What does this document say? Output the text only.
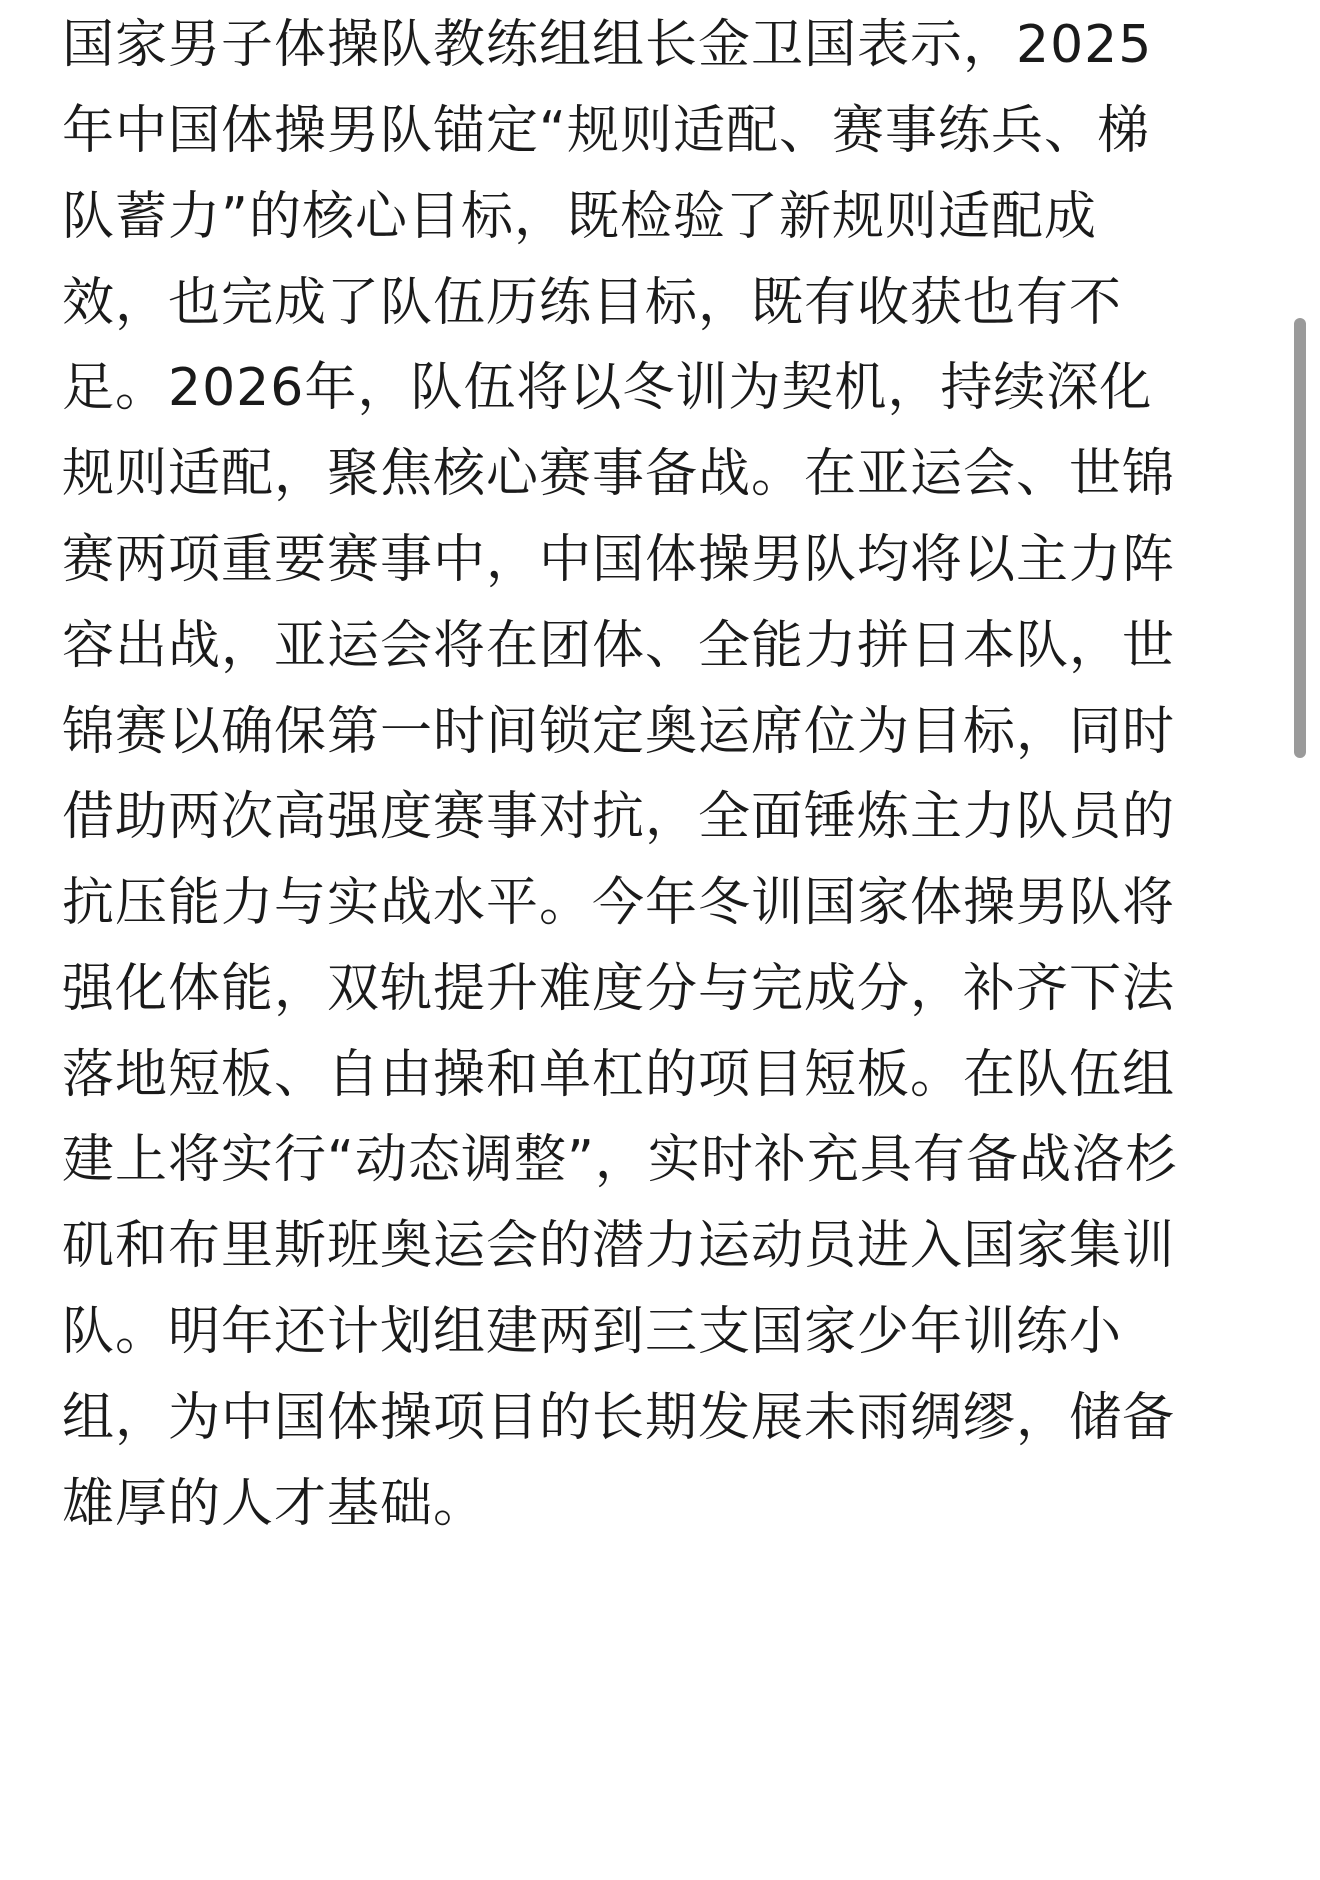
国家男子体操队教练组组长金卫国表示，2025
年中国体操男队锚定“规则适配、赛事练兵、梯
队蓄力”的核心目标，既检验了新规则适配成
效，也完成了队伍历练目标，既有收获也有不
足。2026年，队伍将以冬训为契机，持续深化
规则适配，聚焦核心赛事备战。在亚运会、世锦
赛两项重要赛事中，中国体操男队均将以主力阵
容出战，亚运会将在团体、全能力拼日本队，世
锦赛以确保第一时间锁定奥运席位为目标，同时
借助两次高强度赛事对抗，全面锤炼主力队员的
抗压能力与实战水平。今年冬训国家体操男队将
强化体能，双轨提升难度分与完成分，补齐下法
落地短板、自由操和单杠的项目短板。在队伍组
建上将实行“动态调整”，实时补充具有备战洛杉
矶和布里斯班奥运会的潜力运动员进入国家集训
队。明年还计划组建两到三支国家少年训练小
组，为中国体操项目的长期发展未雨绸缪，储备
雄厚的人才基础。
